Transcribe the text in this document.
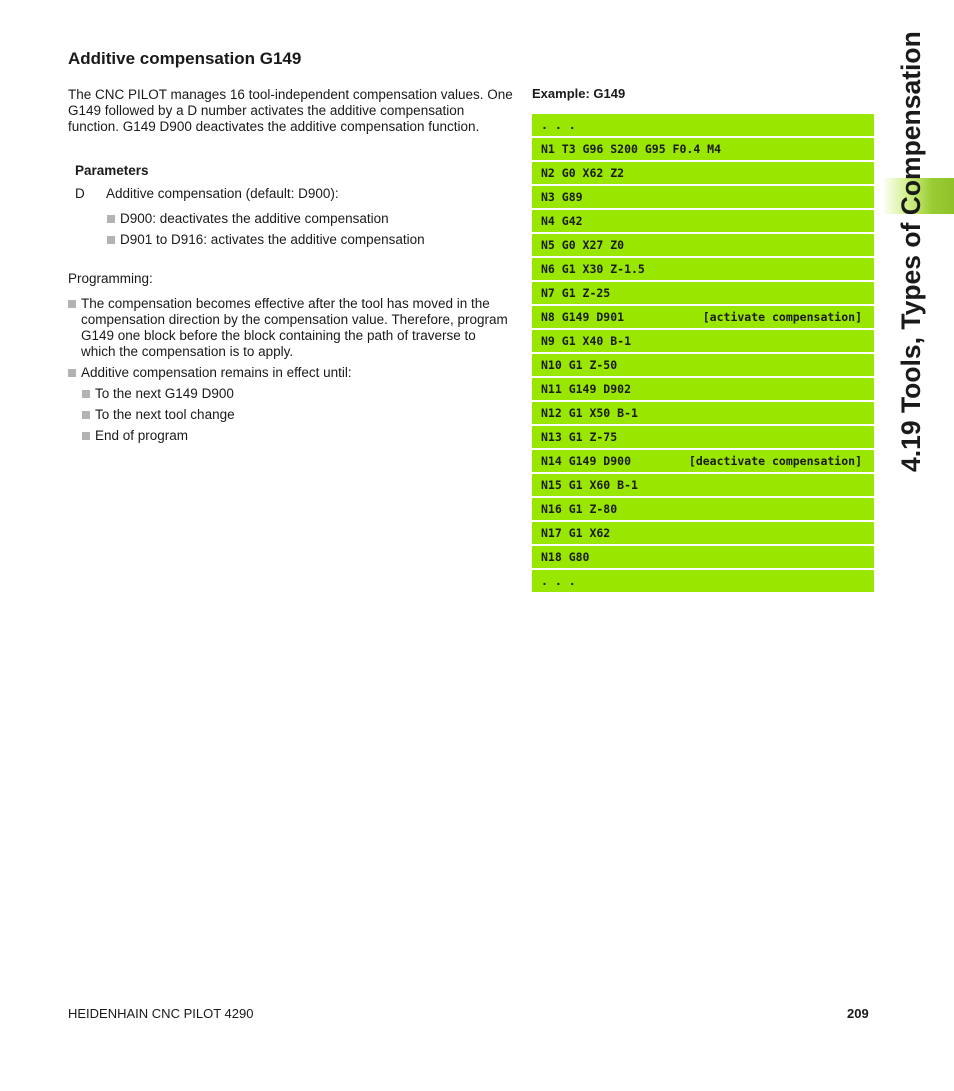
Additive compensation G149

The CNC PILOT manages 16 tool-independent compensation values. One G149 followed by a D number activates the additive compensation function. G149 D900 deactivates the additive compensation function.

Parameters
D Additive compensation (default: D900):
D900: deactivates the additive compensation
D901 to D916: activates the additive compensation
Programming:
The compensation becomes effective after the tool has moved in the compensation direction by the compensation value. Therefore, program G149 one block before the block containing the path of traverse to which the compensation is to apply.
Additive compensation remains in effect until:
To the next G149 D900
To the next tool change
End of program
Example: G149
. . .
N1 T3 G96 S200 G95 F0.4 M4
N2 G0 X62 Z2
N3 G89
N4 G42
N5 G0 X27 Z0
N6 G1 X30 Z-1.5
N7 G1 Z-25
N8 G149 D901	[activate compensation]
N9 G1 X40 B-1
N10 G1 Z-50
N11 G149 D902
N12 G1 X50 B-1
N13 G1 Z-75
N14 G149 D900	[deactivate compensation]
N15 G1 X60 B-1
N16 G1 Z-80
N17 G1 X62
N18 G80
. . .
4.19 Tools, Types of Compensation
HEIDENHAIN CNC PILOT 4290	209
